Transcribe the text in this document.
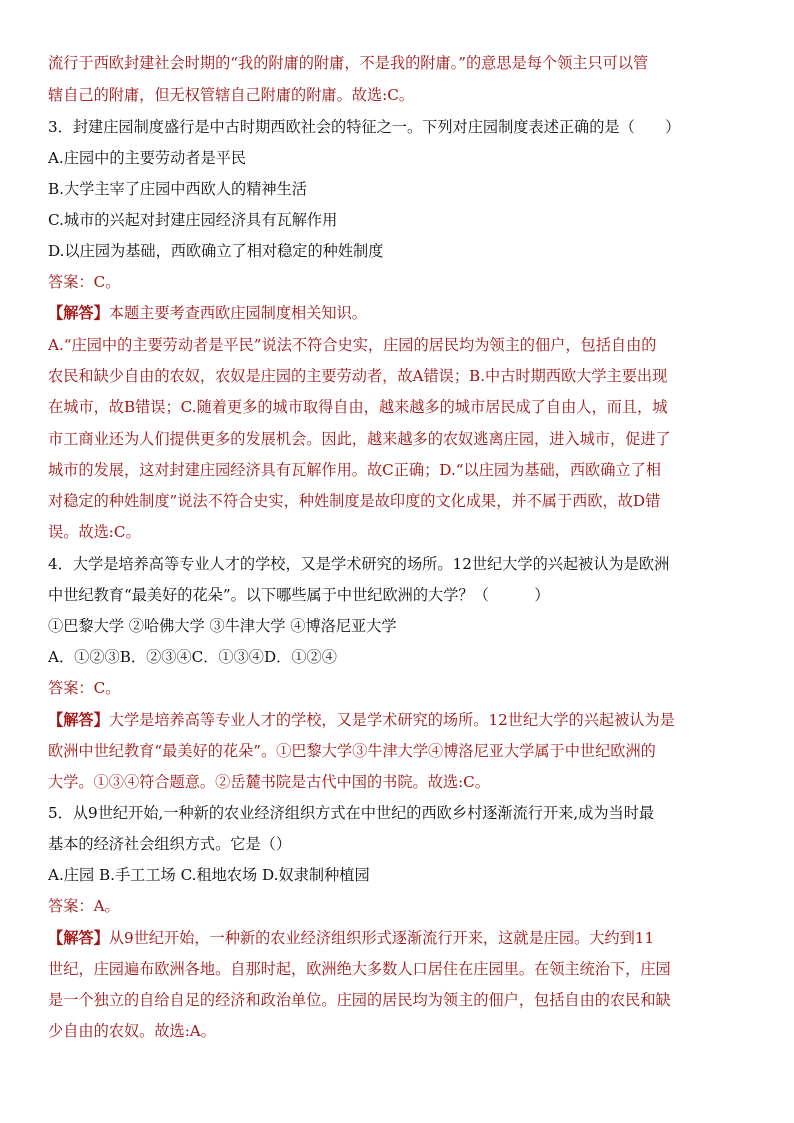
流行于西欧封建社会时期的“我的附庸的附庸，不是我的附庸。”的意思是每个领主只可以管
辖自己的附庸，但无权管辖自己附庸的附庸。故选:C。
3．封建庄园制度盛行是中古时期西欧社会的特征之一。下列对庄园制度表述正确的是（　　）
A.庄园中的主要劳动者是平民
B.大学主宰了庄园中西欧人的精神生活
C.城市的兴起对封建庄园经济具有瓦解作用
D.以庄园为基础，西欧确立了相对稳定的种姓制度
答案：C。
【解答】本题主要考查西欧庄园制度相关知识。
A.“庄园中的主要劳动者是平民”说法不符合史实，庄园的居民均为领主的佃户，包括自由的
农民和缺少自由的农奴，农奴是庄园的主要劳动者，故A错误；B.中古时期西欧大学主要出现
在城市，故B错误；C.随着更多的城市取得自由，越来越多的城市居民成了自由人，而且，城
市工商业还为人们提供更多的发展机会。因此，越来越多的农奴逃离庄园，进入城市，促进了
城市的发展，这对封建庄园经济具有瓦解作用。故C正确；D.“以庄园为基础，西欧确立了相
对稳定的种姓制度”说法不符合史实，种姓制度是故印度的文化成果，并不属于西欧，故D错
误。故选:C。
4．大学是培养高等专业人才的学校，又是学术研究的场所。12世纪大学的兴起被认为是欧洲
中世纪教育“最美好的花朵”。以下哪些属于中世纪欧洲的大学？（　　　）
①巴黎大学 ②哈佛大学 ③牛津大学 ④博洛尼亚大学
A．①②③B．②③④C．①③④D．①②④
答案：C。
【解答】大学是培养高等专业人才的学校，又是学术研究的场所。12世纪大学的兴起被认为是
欧洲中世纪教育“最美好的花朵”。①巴黎大学③牛津大学④博洛尼亚大学属于中世纪欧洲的
大学。①③④符合题意。②岳麓书院是古代中国的书院。故选:C。
5．从9世纪开始,一种新的农业经济组织方式在中世纪的西欧乡村逐渐流行开来,成为当时最
基本的经济社会组织方式。它是（）
A.庄园 B.手工工场 C.租地农场 D.奴隶制种植园
答案：A。
【解答】从9世纪开始，一种新的农业经济组织形式逐渐流行开来，这就是庄园。大约到11
世纪，庄园遍布欧洲各地。自那时起，欧洲绝大多数人口居住在庄园里。在领主统治下，庄园
是一个独立的自给自足的经济和政治单位。庄园的居民均为领主的佃户，包括自由的农民和缺
少自由的农奴。故选:A。
